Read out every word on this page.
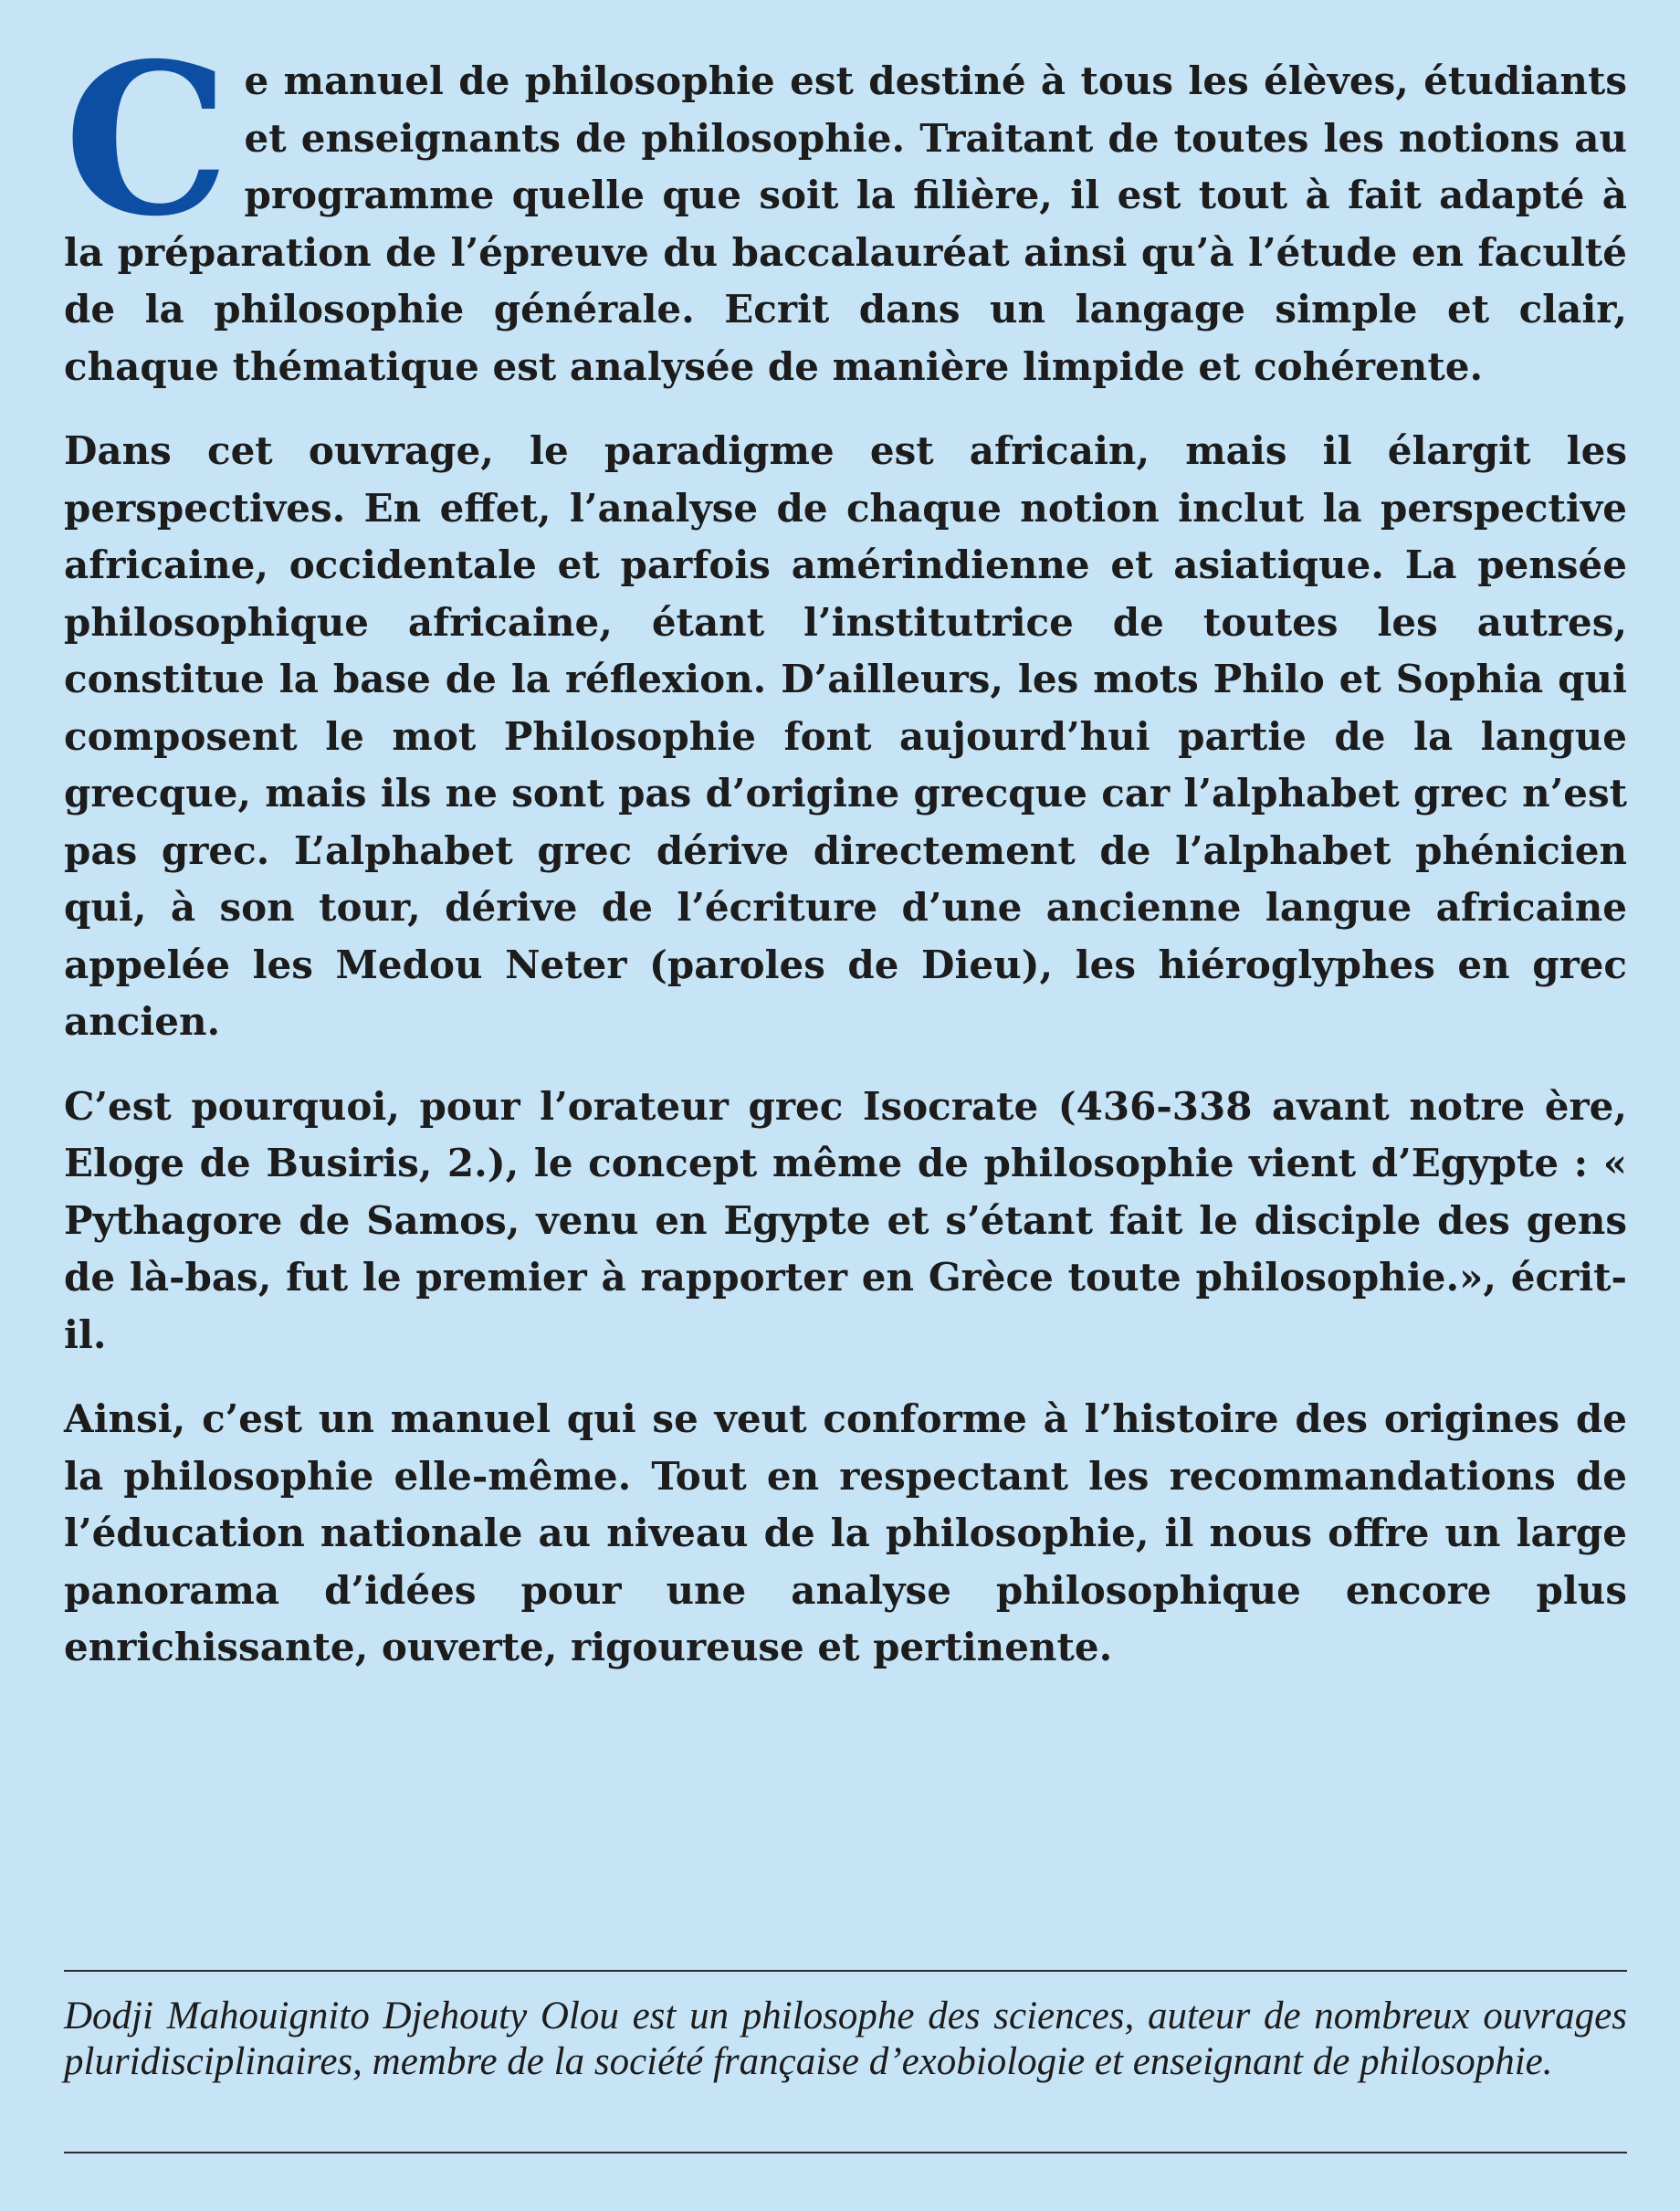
Ce manuel de philosophie est destiné à tous les élèves, étudiants et enseignants de philosophie. Traitant de toutes les notions au programme quelle que soit la filière, il est tout à fait adapté à la préparation de l’épreuve du baccalauréat ainsi qu’à l’étude en faculté de la philosophie générale. Ecrit dans un langage simple et clair, chaque thématique est analysée de manière limpide et cohérente.

Dans cet ouvrage, le paradigme est africain, mais il élargit les perspectives. En effet, l’analyse de chaque notion inclut la perspective africaine, occidentale et parfois amérindienne et asiatique. La pensée philosophique africaine, étant l’institutrice de toutes les autres, constitue la base de la réflexion. D’ailleurs, les mots Philo et Sophia qui composent le mot Philosophie font aujourd’hui partie de la langue grecque, mais ils ne sont pas d’origine grecque car l’alphabet grec n’est pas grec. L’alphabet grec dérive directement de l’alphabet phénicien qui, à son tour, dérive de l’écriture d’une ancienne langue africaine appelée les Medou Neter (paroles de Dieu), les hiéroglyphes en grec ancien.

C’est pourquoi, pour l’orateur grec Isocrate (436-338 avant notre ère, Eloge de Busiris, 2.), le concept même de philosophie vient d’Egypte : « Pythagore de Samos, venu en Egypte et s’étant fait le disciple des gens de là-bas, fut le premier à rapporter en Grèce toute philosophie.», écrit-il.

Ainsi, c’est un manuel qui se veut conforme à l’histoire des origines de la philosophie elle-même. Tout en respectant les recommandations de l’éducation nationale au niveau de la philosophie, il nous offre un large panorama d’idées pour une analyse philosophique encore plus enrichissante, ouverte, rigoureuse et pertinente.

Dodji Mahouignito Djehouty Olou est un philosophe des sciences, auteur de nombreux ouvrages pluridisciplinaires, membre de la société française d’exobiologie et enseignant de philosophie.
